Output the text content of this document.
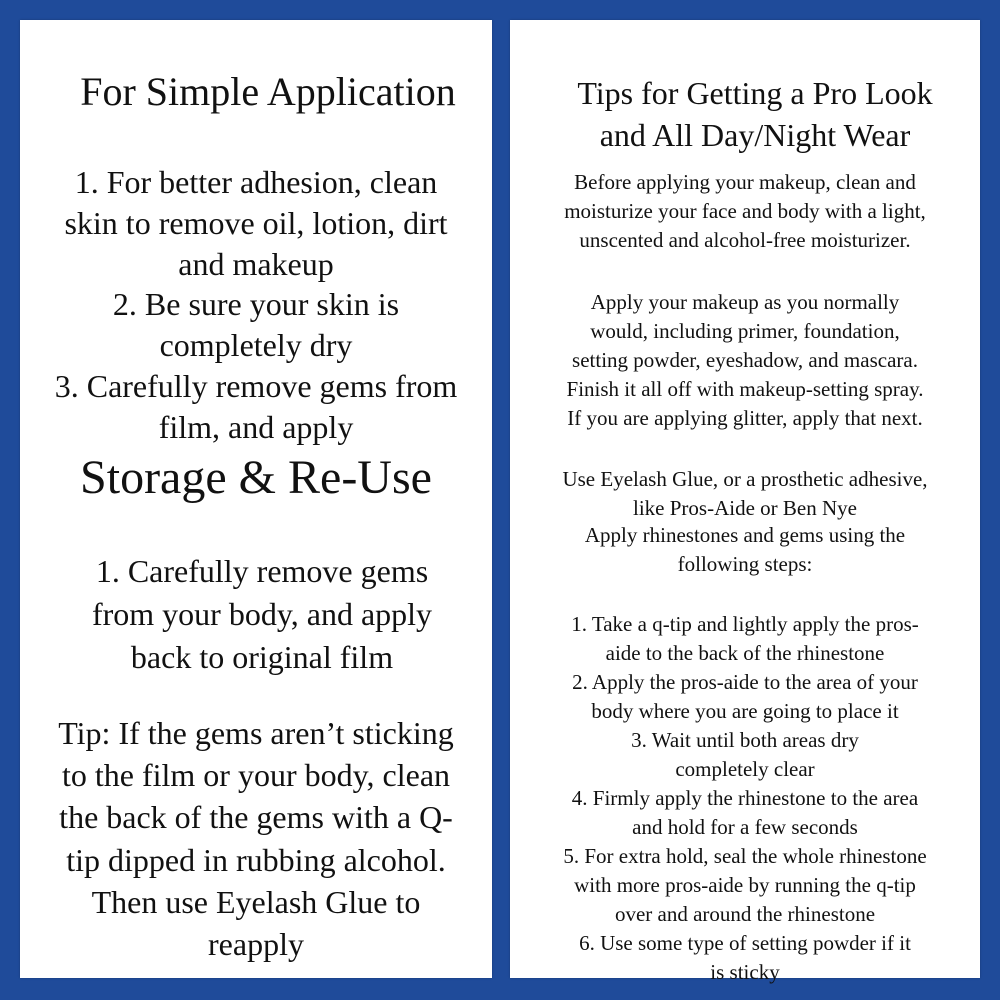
For Simple Application
1. For better adhesion, clean
skin to remove oil, lotion, dirt
and makeup
2. Be sure your skin is
completely dry
3. Carefully remove gems from
film, and apply
Storage & Re-Use
1. Carefully remove gems
from your body, and apply
back to original film
Tip: If the gems aren’t sticking
to the film or your body, clean
the back of the gems with a Q-
tip dipped in rubbing alcohol.
Then use Eyelash Glue to
reapply
Tips for Getting a Pro Look
and All Day/Night Wear
Before applying your makeup, clean and
moisturize your face and body with a light,
unscented and alcohol-free moisturizer.
Apply your makeup as you normally
would, including primer, foundation,
setting powder, eyeshadow, and mascara.
Finish it all off with makeup-setting spray.
If you are applying glitter, apply that next.
Use Eyelash Glue, or a prosthetic adhesive,
like Pros-Aide or Ben Nye
Apply rhinestones and gems using the
following steps:
1. Take a q-tip and lightly apply the pros-
aide to the back of the rhinestone
2. Apply the pros-aide to the area of your
body where you are going to place it
3. Wait until both areas dry
completely clear
4. Firmly apply the rhinestone to the area
and hold for a few seconds
5. For extra hold, seal the whole rhinestone
with more pros-aide by running the q-tip
over and around the rhinestone
6. Use some type of setting powder if it
is sticky
